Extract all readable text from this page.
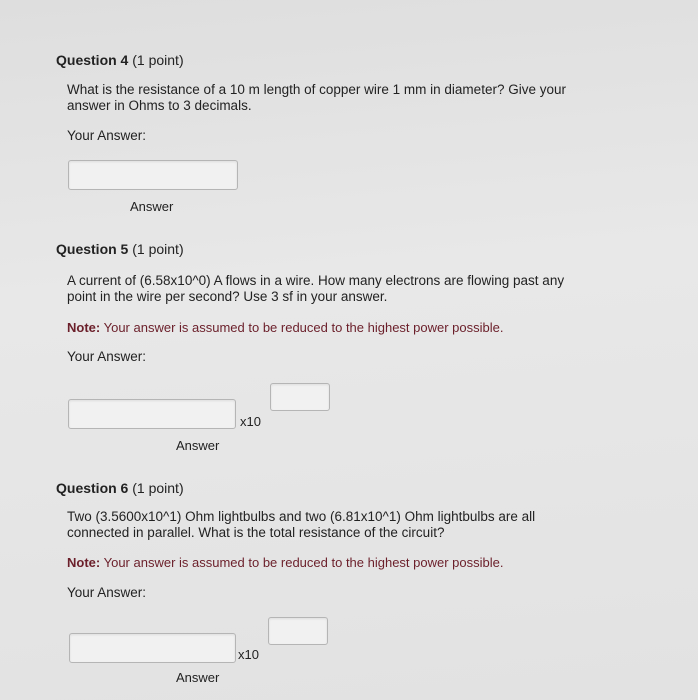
Question 4 (1 point)
What is the resistance of a 10 m length of copper wire 1 mm in diameter? Give your answer in Ohms to 3 decimals.
Your Answer:
Answer
Question 5 (1 point)
A current of (6.58x10^0) A flows in a wire. How many electrons are flowing past any point in the wire per second? Use 3 sf in your answer.
Note: Your answer is assumed to be reduced to the highest power possible.
Your Answer:
x10
Answer
Question 6 (1 point)
Two (3.5600x10^1) Ohm lightbulbs and two (6.81x10^1) Ohm lightbulbs are all connected in parallel. What is the total resistance of the circuit?
Note: Your answer is assumed to be reduced to the highest power possible.
Your Answer:
x10
Answer
